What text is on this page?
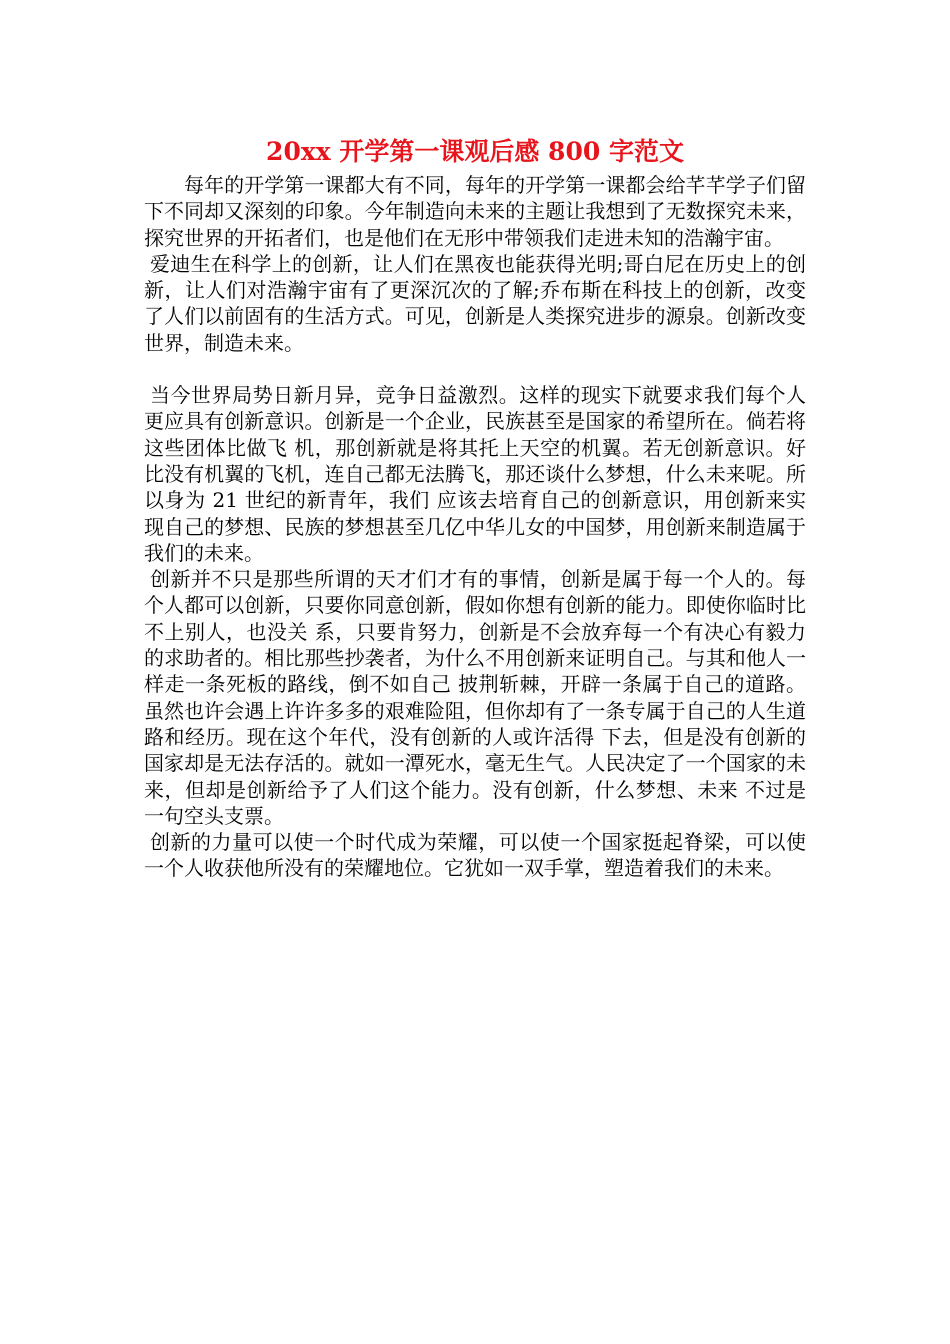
20xx 开学第一课观后感 800 字范文

每年的开学第一课都大有不同，每年的开学第一课都会给芊芊学子们留下不同却又深刻的印象。今年制造向未来的主题让我想到了无数探究未来，探究世界的开拓者们，也是他们在无形中带领我们走进未知的浩瀚宇宙。

爱迪生在科学上的创新，让人们在黑夜也能获得光明;哥白尼在历史上的创新，让人们对浩瀚宇宙有了更深沉次的了解;乔布斯在科技上的创新，改变了人们以前固有的生活方式。可见，创新是人类探究进步的源泉。创新改变世界，制造未来。

当今世界局势日新月异，竞争日益激烈。这样的现实下就要求我们每个人更应具有创新意识。创新是一个企业，民族甚至是国家的希望所在。倘若将这些团体比做飞 机，那创新就是将其托上天空的机翼。若无创新意识。好比没有机翼的飞机，连自己都无法腾飞，那还谈什么梦想，什么未来呢。所以身为 21 世纪的新青年，我们 应该去培育自己的创新意识，用创新来实现自己的梦想、民族的梦想甚至几亿中华儿女的中国梦，用创新来制造属于我们的未来。

创新并不只是那些所谓的天才们才有的事情，创新是属于每一个人的。每个人都可以创新，只要你同意创新，假如你想有创新的能力。即使你临时比不上别人，也没关 系，只要肯努力，创新是不会放弃每一个有决心有毅力的求助者的。相比那些抄袭者，为什么不用创新来证明自己。与其和他人一样走一条死板的路线，倒不如自己 披荆斩棘，开辟一条属于自己的道路。虽然也许会遇上许许多多的艰难险阻，但你却有了一条专属于自己的人生道路和经历。现在这个年代，没有创新的人或许活得 下去，但是没有创新的国家却是无法存活的。就如一潭死水，毫无生气。人民决定了一个国家的未来，但却是创新给予了人们这个能力。没有创新，什么梦想、未来 不过是一句空头支票。

创新的力量可以使一个时代成为荣耀，可以使一个国家挺起脊梁，可以使一个人收获他所没有的荣耀地位。它犹如一双手掌，塑造着我们的未来。
